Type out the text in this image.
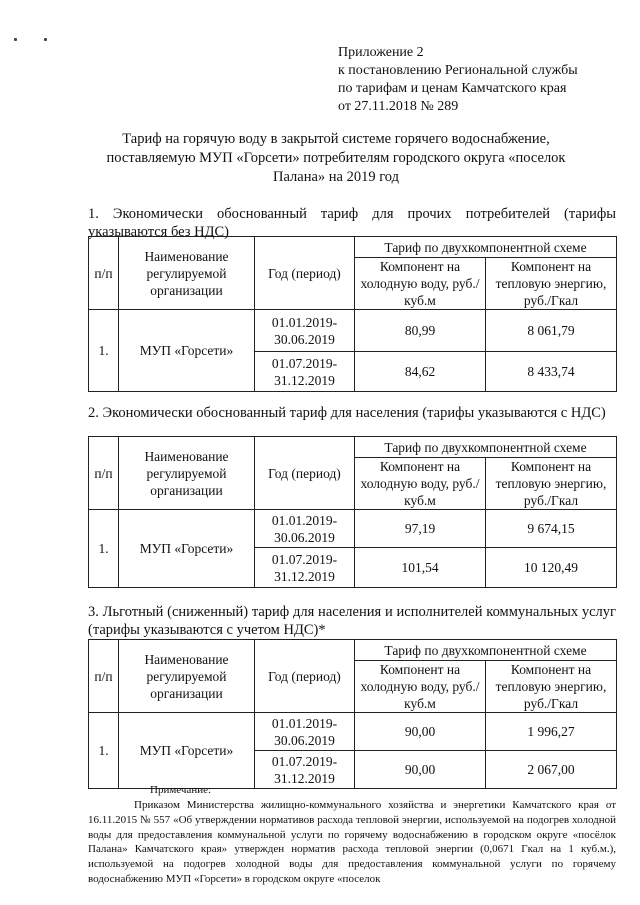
Приложение 2
к постановлению Региональной службы
по тарифам и ценам Камчатского края
от 27.11.2018 № 289
Тариф на горячую воду в закрытой системе горячего водоснабжение,
поставляемую МУП «Горсети» потребителям городского округа «поселок
Палана» на 2019 год
1. Экономически обоснованный тариф для прочих потребителей (тарифы указываются без НДС)
п/п	Наименование регулируемой организации	Год (период)	Тариф по двухкомпонентной схеме	
			Компонент на холодную воду, руб./куб.м	Компонент на тепловую энергию, руб./Гкал
1.	МУП «Горсети»	01.01.2019-30.06.2019	80,99	8 061,79
		01.07.2019-31.12.2019	84,62	8 433,74
2. Экономически обоснованный тариф для населения (тарифы указываются с НДС)
п/п	Наименование регулируемой организации	Год (период)	Тариф по двухкомпонентной схеме	
			Компонент на холодную воду, руб./куб.м	Компонент на тепловую энергию, руб./Гкал
1.	МУП «Горсети»	01.01.2019-30.06.2019	97,19	9 674,15
		01.07.2019-31.12.2019	101,54	10 120,49
3. Льготный (сниженный) тариф для населения и исполнителей коммунальных услуг (тарифы указываются с учетом НДС)*
п/п	Наименование регулируемой организации	Год (период)	Тариф по двухкомпонентной схеме	
			Компонент на холодную воду, руб./куб.м	Компонент на тепловую энергию, руб./Гкал
1.	МУП «Горсети»	01.01.2019-30.06.2019	90,00	1 996,27
		01.07.2019-31.12.2019	90,00	2 067,00
Примечание:
Приказом Министерства жилищно-коммунального хозяйства и энергетики Камчатского края от 16.11.2015 № 557 «Об утверждении нормативов расхода тепловой энергии, используемой на подогрев холодной воды для предоставления коммунальной услуги по горячему водоснабжению в городском округе «посёлок Палана» Камчатского края» утвержден норматив расхода тепловой энергии (0,0671 Гкал на 1 куб.м.), используемой на подогрев холодной воды для предоставления коммунальной услуги по горячему водоснабжению МУП «Горсети» в городском округе «поселок
